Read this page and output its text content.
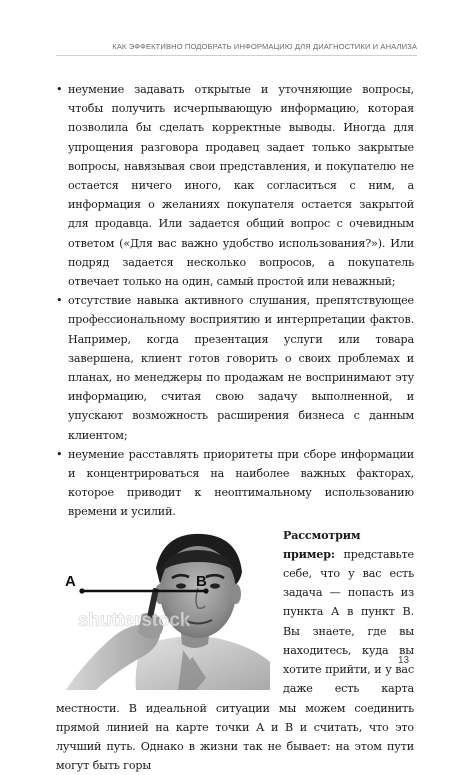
КАК ЭФФЕКТИВНО ПОДОБРАТЬ ИНФОРМАЦИЮ ДЛЯ ДИАГНОСТИКИ И АНАЛИЗА
• неумение задавать открытые и уточняющие вопросы, чтобы получить исчерпывающую информацию, которая позволила бы сделать корректные выводы. Иногда для упрощения разговора продавец задает только закрытые вопросы, навязывая свои представления, и покупателю не остается ничего иного, как согласиться с ним, а информация о желаниях покупателя остается закрытой для продавца. Или задается общий вопрос с очевидным ответом («Для вас важно удобство использования?»). Или подряд задается несколько вопросов, а покупатель отвечает только на один, самый простой или неважный;
• отсутствие навыка активного слушания, препятствующее профессиональному восприятию и интерпретации фактов. Например, когда презентация услуги или товара завершена, клиент готов говорить о своих проблемах и планах, но менеджеры по продажам не воспринимают эту информацию, считая свою задачу выполненной, и упускают возможность расширения бизнеса с данным клиентом;
• неумение расставлять приоритеты при сборе информации и концентрироваться на наиболее важных факторах, которое приводит к неоптимальному использованию времени и усилий.
A	B
shutterstock

Рассмотрим пример: представьте себе, что у вас есть задача — попасть из пункта А в пункт В. Вы знаете, где вы находитесь, куда вы хотите прийти, и у вас даже есть карта местности. В идеальной ситуации мы можем соединить прямой линией на карте точки А и В и считать, что это лучший путь. Однако в жизни так не бывает: на этом пути могут быть горы

13
